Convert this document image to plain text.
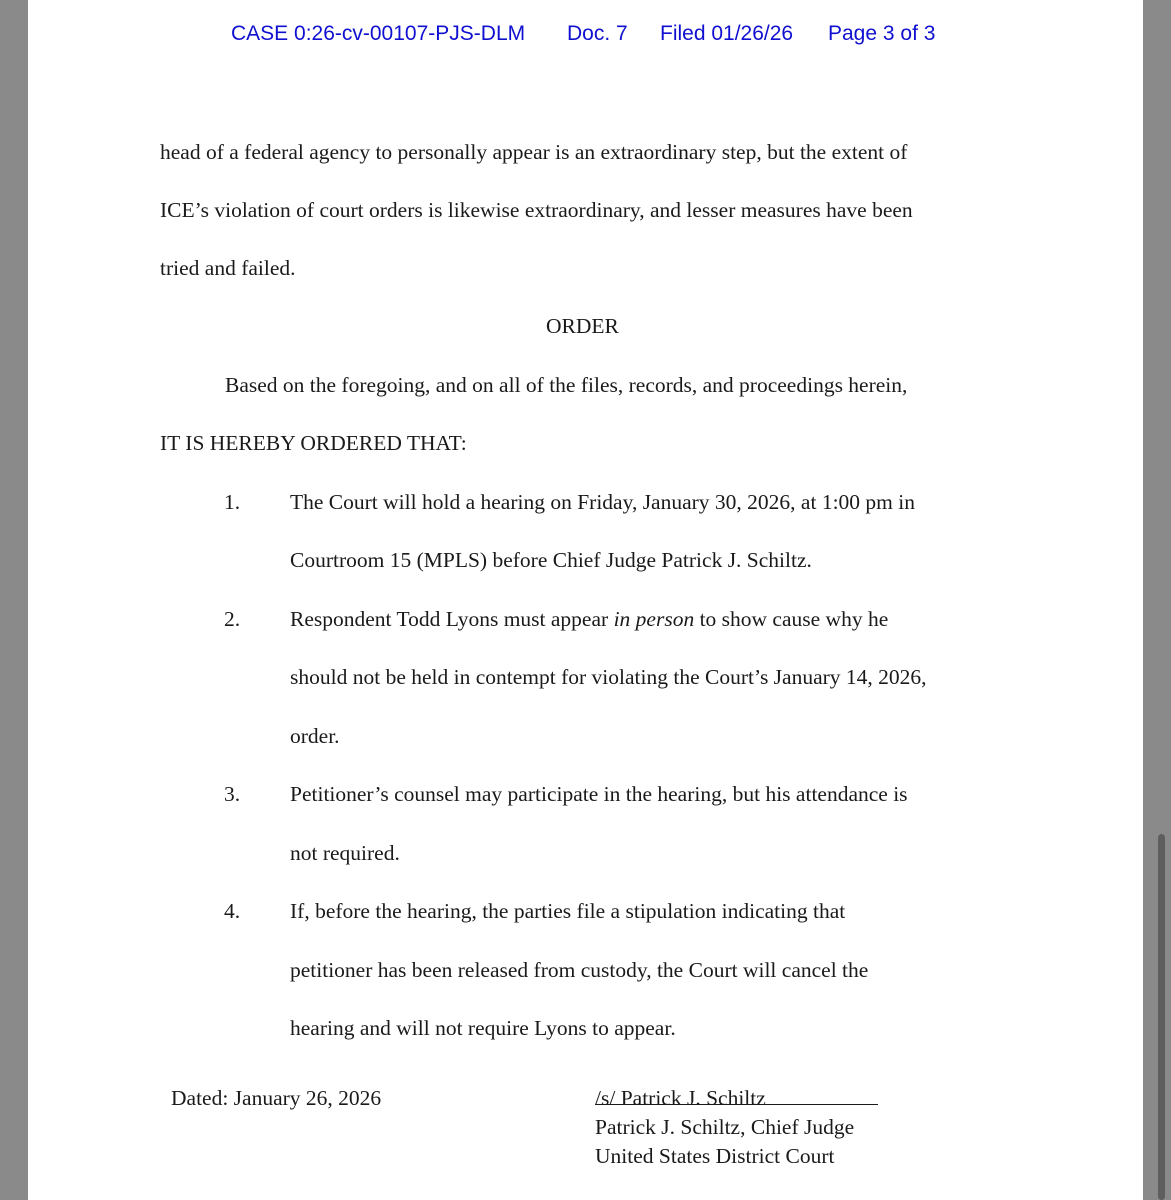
CASE 0:26-cv-00107-PJS-DLM Doc. 7 Filed 01/26/26 Page 3 of 3
head of a federal agency to personally appear is an extraordinary step, but the extent of
ICE’s violation of court orders is likewise extraordinary, and lesser measures have been
tried and failed.
ORDER
Based on the foregoing, and on all of the files, records, and proceedings herein,
IT IS HEREBY ORDERED THAT:
1. The Court will hold a hearing on Friday, January 30, 2026, at 1:00 pm in
Courtroom 15 (MPLS) before Chief Judge Patrick J. Schiltz.
2. Respondent Todd Lyons must appear in person to show cause why he
should not be held in contempt for violating the Court’s January 14, 2026,
order.
3. Petitioner’s counsel may participate in the hearing, but his attendance is
not required.
4. If, before the hearing, the parties file a stipulation indicating that
petitioner has been released from custody, the Court will cancel the
hearing and will not require Lyons to appear.
Dated: January 26, 2026	/s/ Patrick J. Schiltz
Patrick J. Schiltz, Chief Judge
United States District Court
